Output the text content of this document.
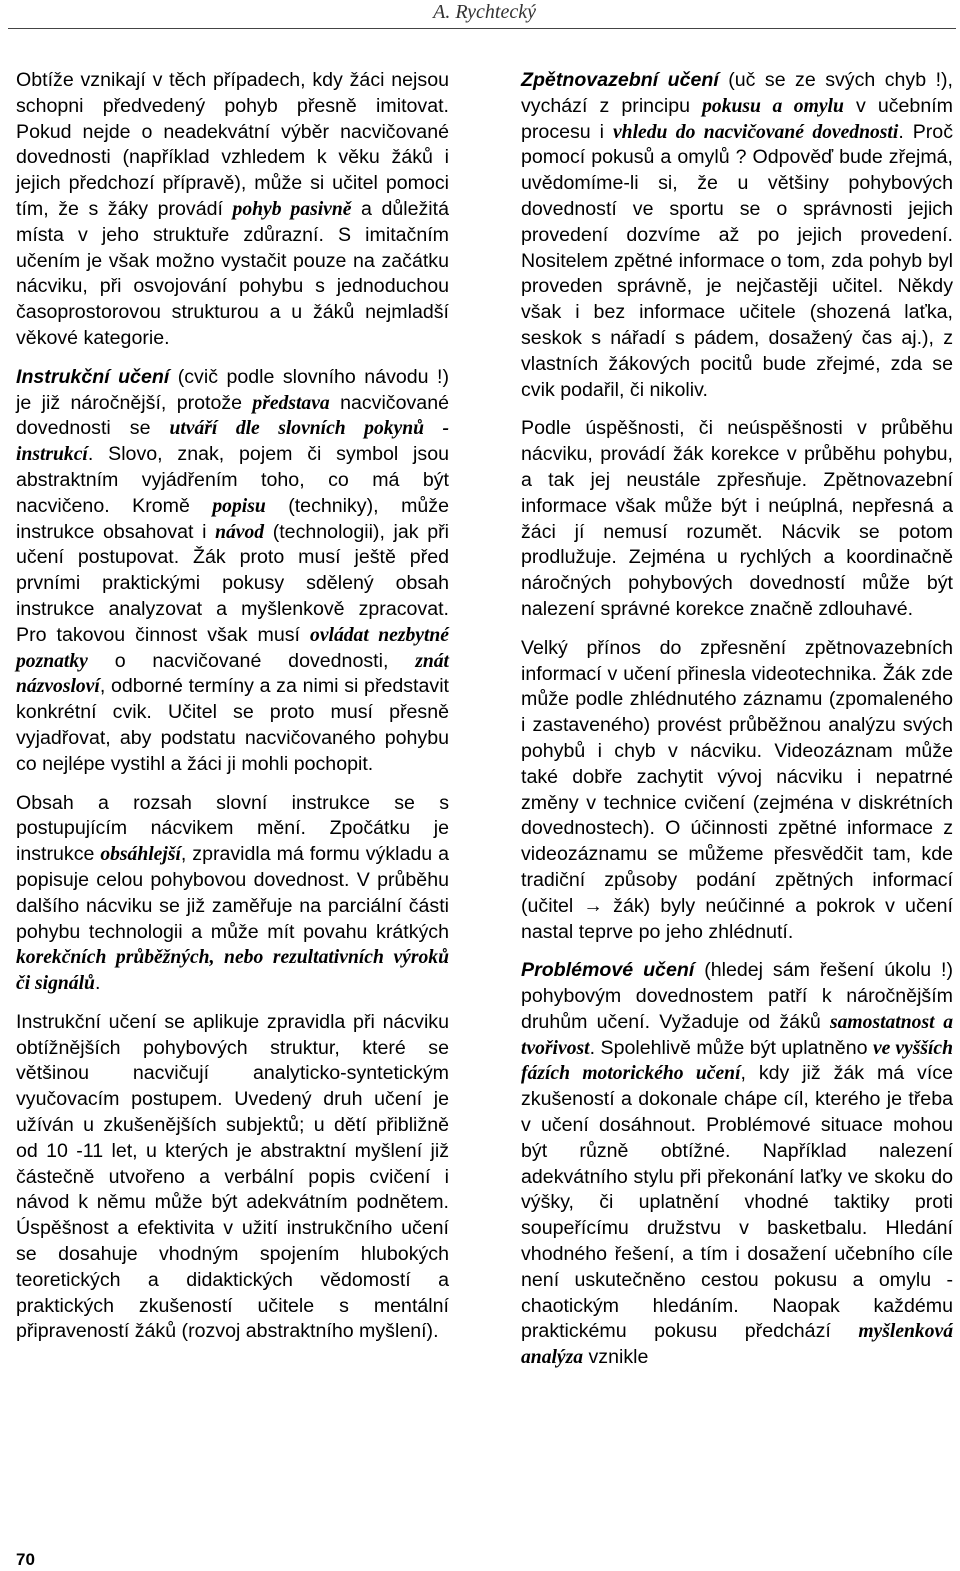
A. Rychtecký

Obtíže vznikají v těch případech, kdy žáci nejsou schopni předvedený pohyb přesně imitovat. Pokud nejde o neadekvátní výběr nacvičované dovednosti (například vzhledem k věku žáků i jejich předchozí přípravě), může si učitel pomoci tím, že s žáky provádí pohyb pasivně a důležitá místa v jeho struktuře zdůrazní. S imitačním učením je však možno vystačit pouze na začátku nácviku, při osvojování pohybu s jednoduchou časoprostorovou strukturou a u žáků nejmladší věkové kategorie.

Instrukční učení (cvič podle slovního návodu !) je již náročnější, protože představa nacvičované dovednosti se utváří dle slovních pokynů - instrukcí. Slovo, znak, pojem či symbol jsou abstraktním vyjádřením toho, co má být nacvičeno. Kromě popisu (techniky), může instrukce obsahovat i návod (technologii), jak při učení postupovat. Žák proto musí ještě před prvními praktickými pokusy sdělený obsah instrukce analyzovat a myšlenkově zpracovat. Pro takovou činnost však musí ovládat nezbytné poznatky o nacvičované dovednosti, znát názvosloví, odborné termíny a za nimi si představit konkrétní cvik. Učitel se proto musí přesně vyjadřovat, aby podstatu nacvičovaného pohybu co nejlépe vystihl a žáci ji mohli pochopit.

Obsah a rozsah slovní instrukce se s postupujícím nácvikem mění. Zpočátku je instrukce obsáhlejší, zpravidla má formu výkladu a popisuje celou pohybovou dovednost. V průběhu dalšího nácviku se již zaměřuje na parciální části pohybu technologii a může mít povahu krátkých korekčních průběžných, nebo rezultativních výroků či signálů.

Instrukční učení se aplikuje zpravidla při nácviku obtížnějších pohybových struktur, které se většinou nacvičují analyticko-syntetickým vyučovacím postupem. Uvedený druh učení je užíván u zkušenějších subjektů; u dětí přibližně od 10 -11 let, u kterých je abstraktní myšlení již částečně utvořeno a verbální popis cvičení i návod k němu může být adekvátním podnětem. Úspěšnost a efektivita v užití instrukčního učení se dosahuje vhodným spojením hlubokých teoretických a didaktických vědomostí a praktických zkušeností učitele s mentální připraveností žáků (rozvoj abstraktního myšlení).

Zpětnovazební učení (uč se ze svých chyb !), vychází z principu pokusu a omylu v učebním procesu i vhledu do nacvičované dovednosti. Proč pomocí pokusů a omylů ? Odpověď bude zřejmá, uvědomíme-li si, že u většiny pohybových dovedností ve sportu se o správnosti jejich provedení dozvíme až po jejich provedení. Nositelem zpětné informace o tom, zda pohyb byl proveden správně, je nejčastěji učitel. Někdy však i bez informace učitele (shozená laťka, seskok s nářadí s pádem, dosažený čas aj.), z vlastních žákových pocitů bude zřejmé, zda se cvik podařil, či nikoliv.

Podle úspěšnosti, či neúspěšnosti v průběhu nácviku, provádí žák korekce v průběhu pohybu, a tak jej neustále zpřesňuje. Zpětnovazební informace však může být i neúplná, nepřesná a žáci jí nemusí rozumět. Nácvik se potom prodlužuje. Zejména u rychlých a koordinačně náročných pohybových dovedností může být nalezení správné korekce značně zdlouhavé.

Velký přínos do zpřesnění zpětnovazebních informací v učení přinesla videotechnika. Žák zde může podle zhlédnutého záznamu (zpomaleného i zastaveného) provést průběžnou analýzu svých pohybů i chyb v nácviku. Videozáznam může také dobře zachytit vývoj nácviku i nepatrné změny v technice cvičení (zejména v diskrétních dovednostech). O účinnosti zpětné informace z videozáznamu se můžeme přesvědčit tam, kde tradiční způsoby podání zpětných informací (učitel → žák) byly neúčinné a pokrok v učení nastal teprve po jeho zhlédnutí.

Problémové učení (hledej sám řešení úkolu !) pohybovým dovednostem patří k náročnějším druhům učení. Vyžaduje od žáků samostatnost a tvořivost. Spolehlivě může být uplatněno ve vyšších fázích motorického učení, kdy již žák má více zkušeností a dokonale chápe cíl, kterého je třeba v učení dosáhnout. Problémové situace mohou být různě obtížné. Například nalezení adekvátního stylu při překonání laťky ve skoku do výšky, či uplatnění vhodné taktiky proti soupeřícímu družstvu v basketbalu. Hledání vhodného řešení, a tím i dosažení učebního cíle není uskutečněno cestou pokusu a omylu - chaotickým hledáním. Naopak každému praktickému pokusu předchází myšlenková analýza vznikle

70
